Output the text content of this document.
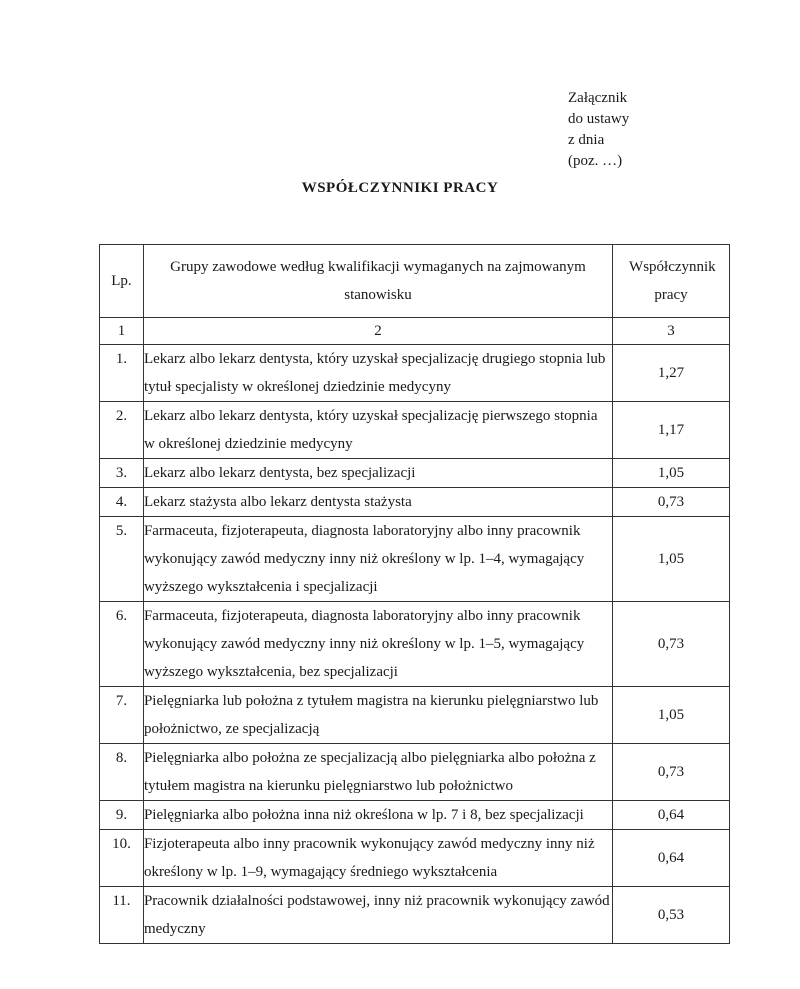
Załącznik
do ustawy
z dnia
(poz. …)
WSPÓŁCZYNNIKI PRACY
Lp.	Grupy zawodowe według kwalifikacji wymaganych na zajmowanym stanowisku	Współczynnik pracy

1	2	3
1.	Lekarz albo lekarz dentysta, który uzyskał specjalizację drugiego stopnia lub tytuł specjalisty w określonej dziedzinie medycyny	1,27
2.	Lekarz albo lekarz dentysta, który uzyskał specjalizację pierwszego stopnia w określonej dziedzinie medycyny	1,17
3.	Lekarz albo lekarz dentysta, bez specjalizacji	1,05
4.	Lekarz stażysta albo lekarz dentysta stażysta	0,73
5.	Farmaceuta, fizjoterapeuta, diagnosta laboratoryjny albo inny pracownik wykonujący zawód medyczny inny niż określony w lp. 1–4, wymagający wyższego wykształcenia i specjalizacji	1,05
6.	Farmaceuta, fizjoterapeuta, diagnosta laboratoryjny albo inny pracownik wykonujący zawód medyczny inny niż określony w lp. 1–5, wymagający wyższego wykształcenia, bez specjalizacji	0,73
7.	Pielęgniarka lub położna z tytułem magistra na kierunku pielęgniarstwo lub położnictwo, ze specjalizacją	1,05
8.	Pielęgniarka albo położna ze specjalizacją albo pielęgniarka albo położna z tytułem magistra na kierunku pielęgniarstwo lub położnictwo	0,73
9.	Pielęgniarka albo położna inna niż określona w lp. 7 i 8, bez specjalizacji	0,64
10.	Fizjoterapeuta albo inny pracownik wykonujący zawód medyczny inny niż określony w lp. 1–9, wymagający średniego wykształcenia	0,64
11.	Pracownik działalności podstawowej, inny niż pracownik wykonujący zawód medyczny	0,53
